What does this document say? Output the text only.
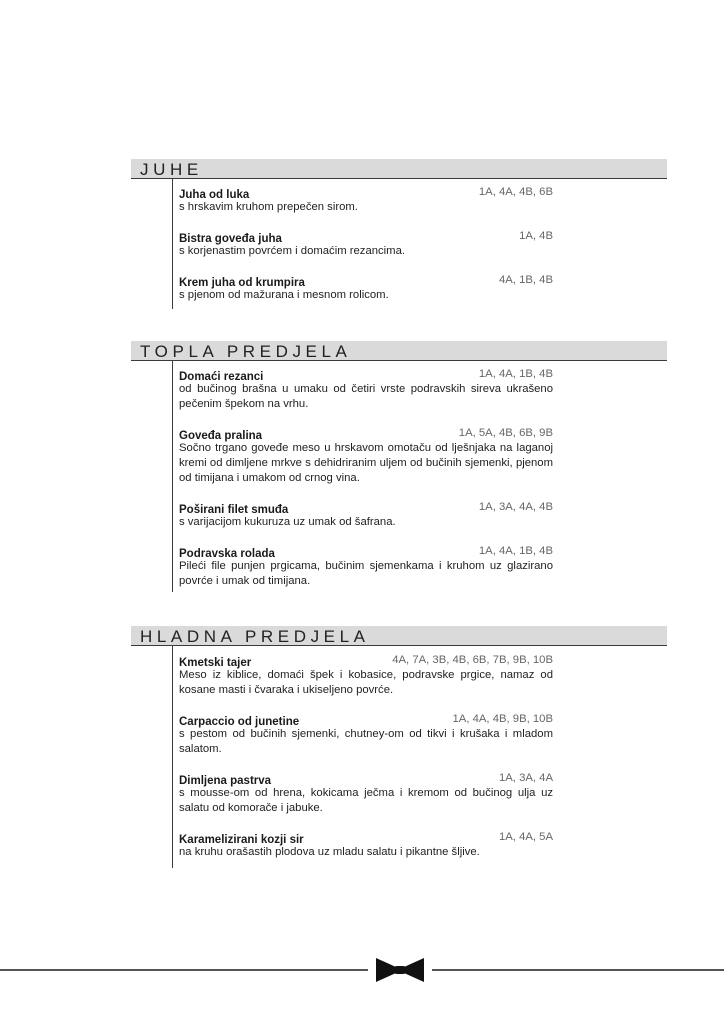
JUHE
Juha od luka	1A, 4A, 4B, 6B
s hrskavim kruhom prepečen sirom.
Bistra goveđa juha	1A, 4B
s korjenastim povrćem i domaćim rezancima.
Krem juha od krumpira	4A, 1B, 4B
s pjenom od mažurana i mesnom rolicom.
TOPLA PREDJELA
Domaći rezanci	1A, 4A, 1B, 4B
od bučinog brašna u umaku od četiri vrste podravskih sireva ukrašeno pečenim špekom na vrhu.
Goveđa pralina	1A, 5A, 4B, 6B, 9B
Sočno trgano goveđe meso u hrskavom omotaču od lješnjaka na laganoj kremi od dimljene mrkve s dehidriranim uljem od bučinih sjemenki, pjenom od timijana i umakom od crnog vina.
Poširani filet smuđa	1A, 3A, 4A, 4B
s varijacijom kukuruza uz umak od šafrana.
Podravska rolada	1A, 4A, 1B, 4B
Pileći file punjen prgicama, bučinim sjemenkama i kruhom uz glazirano povrće i umak od timijana.
HLADNA PREDJELA
Kmetski tajer	4A, 7A, 3B, 4B, 6B, 7B, 9B, 10B
Meso iz kiblice, domaći špek i kobasice, podravske prgice, namaz od kosane masti i čvaraka i ukiseljeno povrće.
Carpaccio od junetine	1A, 4A, 4B, 9B, 10B
s pestom od bučinih sjemenki, chutney-om od tikvi i krušaka i mladom salatom.
Dimljena pastrva	1A, 3A, 4A
s mousse-om od hrena, kokicama ječma i kremom od bučinog ulja uz salatu od komorače i jabuke.
Karamelizirani kozji sir	1A, 4A, 5A
na kruhu orašastih plodova uz mladu salatu i pikantne šljive.
